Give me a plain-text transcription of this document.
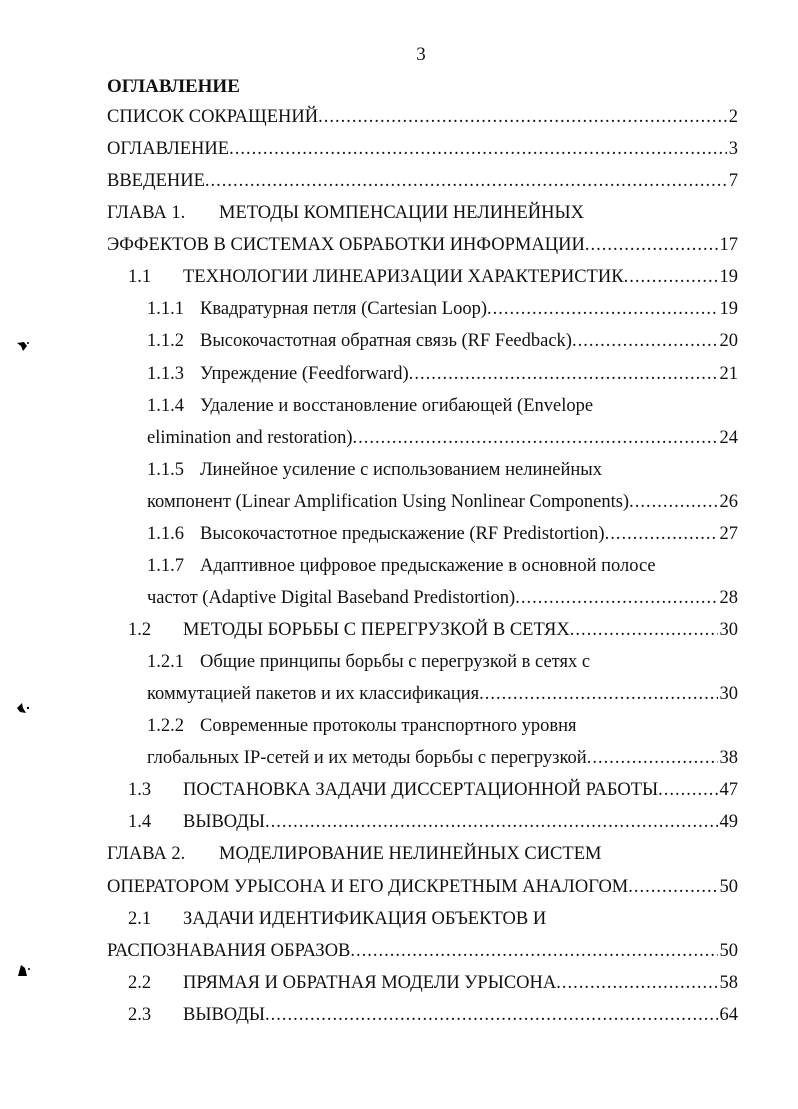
3
ОГЛАВЛЕНИЕ
СПИСОК СОКРАЩЕНИЙ .....	2
ОГЛАВЛЕНИЕ .....	3
ВВЕДЕНИЕ .....	7
ГЛАВА 1. МЕТОДЫ КОМПЕНСАЦИИ НЕЛИНЕЙНЫХ
ЭФФЕКТОВ В СИСТЕМАХ ОБРАБОТКИ ИНФОРМАЦИИ .....	17
1.1 ТЕХНОЛОГИИ ЛИНЕАРИЗАЦИИ ХАРАКТЕРИСТИК .....	19
1.1.1 Квадратурная петля (Cartesian Loop) .....	19
1.1.2 Высокочастотная обратная связь (RF Feedback) .....	20
1.1.3 Упреждение (Feedforward) .....	21
1.1.4 Удаление и восстановление огибающей (Envelope
elimination and restoration) .....	24
1.1.5 Линейное усиление с использованием нелинейных
компонент (Linear Amplification Using Nonlinear Components) .....	26
1.1.6 Высокочастотное предыскажение (RF Predistortion) .....	27
1.1.7 Адаптивное цифровое предыскажение в основной полосе
частот (Adaptive Digital Baseband Predistortion) .....	28
1.2 МЕТОДЫ БОРЬБЫ С ПЕРЕГРУЗКОЙ В СЕТЯХ .....	30
1.2.1 Общие принципы борьбы с перегрузкой в сетях с
коммутацией пакетов и их классификация .....	30
1.2.2 Современные протоколы транспортного уровня
глобальных IP-сетей и их методы борьбы с перегрузкой .....	38
1.3 ПОСТАНОВКА ЗАДАЧИ ДИССЕРТАЦИОННОЙ РАБОТЫ .....	47
1.4 ВЫВОДЫ .....	49
ГЛАВА 2. МОДЕЛИРОВАНИЕ НЕЛИНЕЙНЫХ СИСТЕМ
ОПЕРАТОРОМ УРЫСОНА И ЕГО ДИСКРЕТНЫМ АНАЛОГОМ .....	50
2.1 ЗАДАЧИ ИДЕНТИФИКАЦИЯ ОБЪЕКТОВ И
РАСПОЗНАВАНИЯ ОБРАЗОВ .....	50
2.2 ПРЯМАЯ И ОБРАТНАЯ МОДЕЛИ УРЫСОНА .....	58
2.3 ВЫВОДЫ .....	64
